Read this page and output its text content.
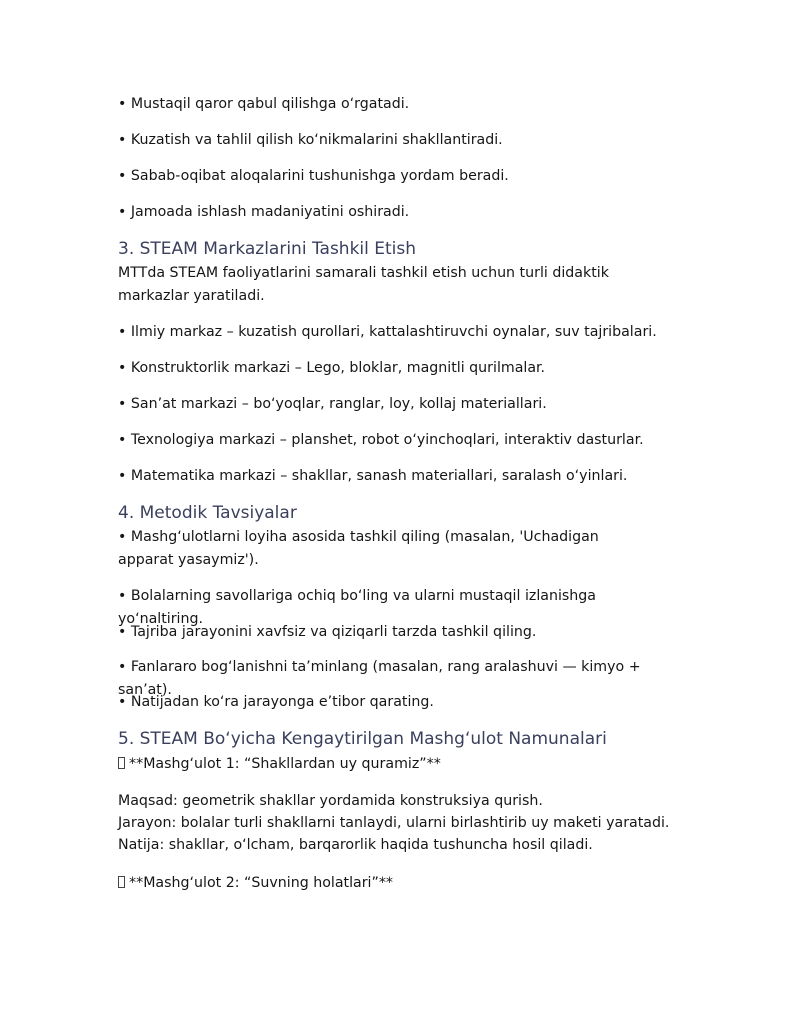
• Mustaqil qaror qabul qilishga o‘rgatadi.
• Kuzatish va tahlil qilish ko‘nikmalarini shakllantiradi.
• Sabab-oqibat aloqalarini tushunishga yordam beradi.
• Jamoada ishlash madaniyatini oshiradi.
3. STEAM Markazlarini Tashkil Etish
MTTda STEAM faoliyatlarini samarali tashkil etish uchun turli didaktik markazlar yaratiladi.
• Ilmiy markaz – kuzatish qurollari, kattalashtiruvchi oynalar, suv tajribalari.
• Konstruktorlik markazi – Lego, bloklar, magnitli qurilmalar.
• San’at markazi – bo‘yoqlar, ranglar, loy, kollaj materiallari.
• Texnologiya markazi – planshet, robot o‘yinchoqlari, interaktiv dasturlar.
• Matematika markazi – shakllar, sanash materiallari, saralash o‘yinlari.
4. Metodik Tavsiyalar
• Mashg‘ulotlarni loyiha asosida tashkil qiling (masalan, 'Uchadigan apparat yasaymiz').
• Bolalarning savollariga ochiq bo‘ling va ularni mustaqil izlanishga yo‘naltiring.
• Tajriba jarayonini xavfsiz va qiziqarli tarzda tashkil qiling.
• Fanlararo bog‘lanishni ta’minlang (masalan, rang aralashuvi — kimyo + san’at).
• Natijadan ko‘ra jarayonga e’tibor qarating.
5. STEAM Bo‘yicha Kengaytirilgan Mashg‘ulot Namunalari
**Mashg‘ulot 1: “Shakllardan uy quramiz”**
Maqsad: geometrik shakllar yordamida konstruksiya qurish.
Jarayon: bolalar turli shakllarni tanlaydi, ularni birlashtirib uy maketi yaratadi.
Natija: shakllar, o‘lcham, barqarorlik haqida tushuncha hosil qiladi.
**Mashg‘ulot 2: “Suvning holatlari”**
